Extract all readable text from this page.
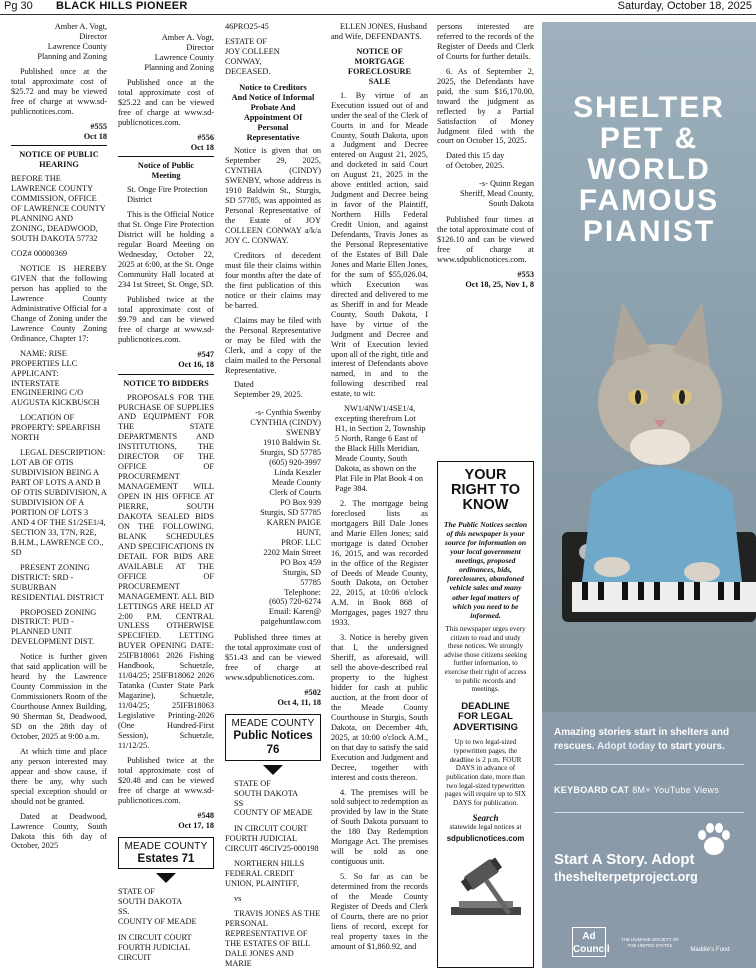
Pg 30 BLACK HILLS PIONEER	Saturday, October 18, 2025
Amber A. Vogt,
Director
Lawrence County
Planning and Zoning

Published once at the total approximate cost of $25.72 and may be viewed free of charge at www.sd-publicnotices.com.

#555
Oct 18
NOTICE OF PUBLIC HEARING

BEFORE THE LAWRENCE COUNTY COMMISSION, OFFICE OF LAWRENCE COUNTY PLANNING AND ZONING, DEADWOOD, SOUTH DAKOTA 57732

COZ# 00000369

NOTICE IS HEREBY GIVEN that the following person has applied to the Lawrence County Administrative Official for a Change of Zoning under the Lawrence County Zoning Ordinance, Chapter 17:

NAME: RISE PROPERTIES LLC APPLICANT: INTERSTATE ENGINEERING C/O AUGUSTA KICKBUSCH

LOCATION OF PROPERTY: SPEARFISH NORTH

LEGAL DESCRIPTION: LOT AB OF OTIS SUBDIVISION BEING A PART OF LOTS A AND B OF OTIS SUBDIVISION, A SUBDIVISION OF A PORTION OF LOTS 3 AND 4 OF THE S1/2SE1/4, SECTION 33, T7N, R2E, B.H.M., LAWRENCE CO., SD

PRESENT ZONING DISTRICT: SRD - SUBURBAN RESIDENTIAL DISTRICT

PROPOSED ZONING DISTRICT: PUD - PLANNED UNIT DEVELOPMENT DIST.

Notice is further given that said application will be heard by the Lawrence County Commission in the Commissioners Room of the Courthouse Annex Building, 90 Sherman St, Deadwood, SD on the 28th day of October, 2025 at 9:00 a.m.

At which time and place any person interested may appear and show cause, if there be any, why such special exception should or should not be granted.

Dated at Deadwood, Lawrence County, South Dakota this 6th day of October, 2025

Amber A. Vogt,
Director
Lawrence County
Planning and Zoning

Published once at the total approximate cost of $25.22 and can be viewed free of charge at www.sd-publicnotices.com.

#556
Oct 18
Notice of Public Meeting

St. Onge Fire Protection District

This is the Official Notice that St. Onge Fire Protection District will be holding a regular Board Meeting on Wednesday, October 22, 2025 at 6:00, at the St. Onge Community Hall located at 234 1st Street, St. Onge, SD.

Published twice at the total approximate cost of $9.79 and can be viewed free of charge at www.sd-publicnotices.com.

#547
Oct 16, 18
NOTICE TO BIDDERS

PROPOSALS FOR THE PURCHASE OF SUPPLIES AND EQUIPMENT FOR THE STATE DEPARTMENTS AND INSTITUTIONS, THE DIRECTOR OF THE OFFICE OF PROCUREMENT MANAGEMENT WILL OPEN IN HIS OFFICE AT PIERRE, SOUTH DAKOTA SEALED BIDS ON THE FOLLOWING. BLANK SCHEDULES AND SPECIFICATIONS IN DETAIL FOR BIDS ARE AVAILABLE AT THE OFFICE OF PROCUREMENT MANAGEMENT. ALL BID LETTINGS ARE HELD AT 2:00 P.M. CENTRAL UNLESS OTHERWISE SPECIFIED. LETTING BUYER OPENING DATE: 25IFB18061 2026 Fishing Handbook, Schuetzle, 11/04/25; 25IFB18062 2026 Tatanka (Custer State Park Magazine), Schuetzle, 11/04/25; 25IFB18063 Legislative Printing-2026 (One Hundred-First Session), Schuetzle, 11/12/25.

Published twice at the total approximate cost of $20.48 and can be viewed free of charge at www.sd-publicnotices.com.

#548
Oct 17, 18
MEADE COUNTY
Estates 71
STATE OF
SOUTH DAKOTA
SS.
COUNTY OF MEADE

IN CIRCUIT COURT FOURTH JUDICIAL CIRCUIT

46PRO25-45

ESTATE OF
JOY COLLEEN
CONWAY,
DECEASED.
Notice to Creditors And Notice of Informal Probate And Appointment Of Personal Representative

Notice is given that on September 29, 2025, CYNTHIA (CINDY) SWENBY, whose address is 1910 Baldwin St., Sturgis, SD 57785, was appointed as Personal Representative of the Estate of JOY COLLEEN CONWAY a/k/a JOY C. CONWAY.

Creditors of decedent must file their claims within four months after the date of the first publication of this notice or their claims may be barred.

Claims may be filed with the Personal Representative or may be filed with the Clerk, and a copy of the claim mailed to the Personal Representative.

Dated
September 29, 2025.
-s- Cynthia Swenby
CYNTHIA (CINDY)
SWENBY
1910 Baldwin St.
Sturgis, SD 57785
(605) 920-3997
Linda Keszler
Meade County
Clerk of Courts
PO Box 939
Sturgis, SD 57785
KAREN PAIGE
HUNT,
PROF. LLC
2202 Main Street
PO Box 459
Sturgis, SD
57785
Telephone:
(605) 720-6274
Email: Karen@
paigehuntlaw.com

Published three times at the total approximate cost of $51.43 and can be viewed free of charge at www.sdpublicnotices.com.

#502
Oct 4, 11, 18
MEADE COUNTY
Public Notices 76
STATE OF
SOUTH DAKOTA
SS
COUNTY OF MEADE

IN CIRCUIT COURT FOURTH JUDICIAL CIRCUIT 46CIV25-000198

NORTHERN HILLS FEDERAL CREDIT UNION, PLAINTIFF,

vs

TRAVIS JONES AS THE PERSONAL REPRESENTATIVE OF THE ESTATES OF BILL DALE JONES AND MARIE

ELLEN JONES, Husband and Wife, DEFENDANTS.

NOTICE OF MORTGAGE FORECLOSURE SALE

1. By virtue of an Execution issued out of and under the seal of the Clerk of Courts in and for Meade County, South Dakota, upon a Judgment and Decree entered on August 21, 2025, and docketed in said Court on August 21, 2025 in the above entitled action, said Judgment and Decree being in favor of the Plaintiff, Northern Hills Federal Credit Union, and against Defendants, Travis Jones as the Personal Representative of the Estates of Bill Dale Jones and Marie Ellen Jones, for the sum of $55,026.04, which Execution was directed and delivered to me as Sheriff in and for Meade County, South Dakota, I have by virtue of the Judgment and Decree and Writ of Execution levied upon all of the right, title and interest of Defendants above named, in and to the following described real estate, to wit:

NW1/4NW1/4SE1/4, excepting therefrom Lot H1, in Section 2, Township 5 North, Range 6 East of the Black Hills Meridian, Meade County, South Dakota, as shown on the Plat File in Plat Book 4 on Page 384.

2. The mortgage being foreclosed lists as mortgagers Bill Dale Jones and Marie Ellen Jones; said mortgage is dated October 16, 2015, and was recorded in the office of the Register of Deeds of Meade County, South Dakota, on October 22, 2015, at 10:06 o'clock A.M. in Book 868 of Mortgages, pages 1927 thru 1933.

3. Notice is hereby given that I, the undersigned Sheriff, as aforesaid, will sell the above-described real property to the highest bidder for cash at public auction, at the front door of the Meade County Courthouse in Sturgis, South Dakota, on December 4th, 2025, at 10:00 o'clock A.M., on that day to satisfy the said Execution and Judgment and Decree, together with interest and costs thereon.

4. The premises will be sold subject to redemption as provided by law in the State of South Dakota pursuant to the 180 Day Redemption Mortgage Act. The premises will be sold as one contiguous unit.

5. So far as can be determined from the records of the Meade County Register of Deeds and Clerk of Courts, there are no prior liens of record, except for real property taxes in the amount of $1,860.92, and

persons interested are referred to the records of the Register of Deeds and Clerk of Courts for further details.

6. As of September 2, 2025, the Defendants have paid, the sum $16,170.00, toward the judgment as reflected by a Partial Satisfaction of Money Judgment filed with the court on October 15, 2025.

Dated this 15 day
of October, 2025.
-s- Quinn Regan
Sheriff, Mead County,
South Dakota

Published four times at the total approximate cost of $126.10 and can be viewed free of charge at www.sdpublicnotices.com.

#553
Oct 18, 25, Nov 1, 8
YOUR
RIGHT TO
KNOW
The Public Notices section of this newspaper is your source for information on your local government meetings, proposed ordinances, bids, foreclosures, abandoned vehicle sales and many other legal matters of which you need to be informed.
This newspaper urges every citizen to read and study these notices. We strongly advise those citizens seeking further information, to exercise their right of access to public records and meetings.
DEADLINE
FOR LEGAL
ADVERTISING
Up to two legal-sized typewritten pages, the deadline is 2 p.m. FOUR DAYS in advance of publication date, more than two legal-sized typewritten pages will require up to SIX DAYS for publication.
Search
statewide legal notices at
sdpublicnotices.com
SHELTER
PET &
WORLD
FAMOUS
PIANIST
Amazing stories start in shelters and rescues. Adopt today to start yours.
KEYBOARD CAT 8M+ YouTube Views
Start A Story. Adopt
theshelterpetproject.org
Ad Council
THE HUMANE SOCIETY OF THE UNITED STATES
Maddie's Fund
